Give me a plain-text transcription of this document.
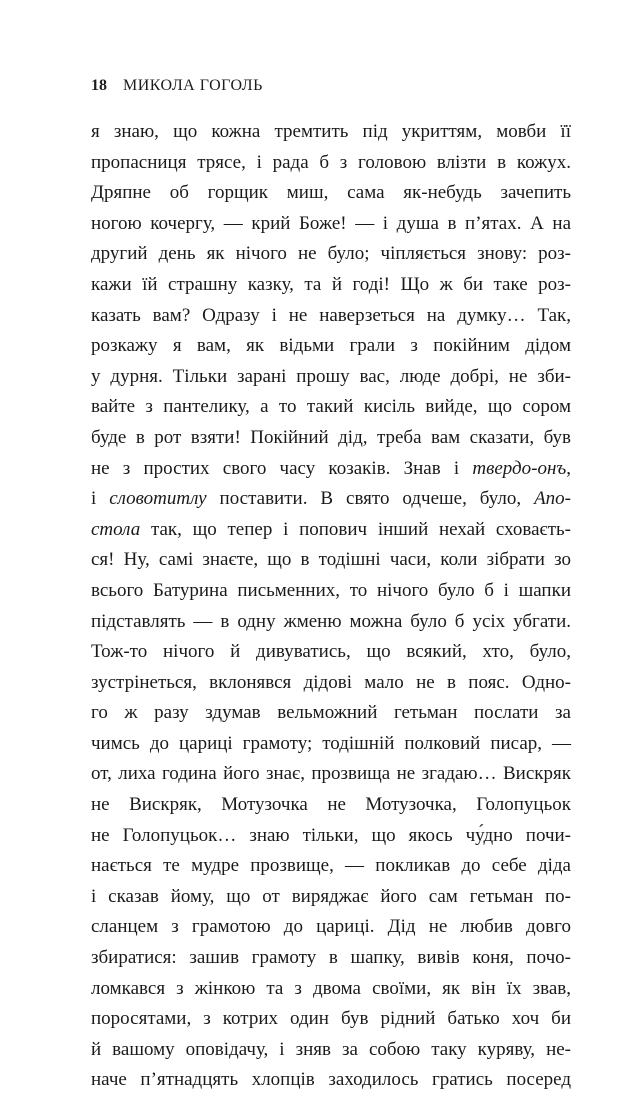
18 МИКОЛА ГОГОЛЬ
я знаю, що кожна тремтить під укриттям, мовби її
пропасниця трясе, і рада б з головою влізти в кожух.
Дряпне об горщик миш, сама як-небудь зачепить
ногою кочергу, — крий Боже! — і душа в п’ятах. А на
другий день як нічого не було; чіпляється знову: роз-
кажи їй страшну казку, та й годі! Що ж би таке роз-
казать вам? Одразу і не наверзеться на думку… Так,
розкажу я вам, як відьми грали з покійним дідом
у дурня. Тільки зарані прошу вас, люде добрі, не зби-
вайте з пантелику, а то такий кисіль вийде, що сором
буде в рот взяти! Покійний дід, треба вам сказати, був
не з простих свого часу козаків. Знав і твердо-онъ,
і словотитлу поставити. В свято одчеше, було, Апо-
стола так, що тепер і попович інший нехай сховаєть-
ся! Ну, самі знаєте, що в тодішні часи, коли зібрати зо
всього Батурина письменних, то нічого було б і шапки
підставлять — в одну жменю можна було б усіх убгати.
Тож-то нічого й дивуватись, що всякий, хто, було,
зустрінеться, вклонявся дідові мало не в пояс. Одно-
го ж разу здумав вельможний гетьман послати за
чимсь до цариці грамоту; тодішній полковий писар, —
от, лиха година його знає, прозвища не згадаю… Вискряк
не Вискряк, Мотузочка не Мотузочка, Голопуцьок
не Голопуцьок… знаю тільки, що якось чу́дно почи-
нається те мудре прозвище, — покликав до себе діда
і сказав йому, що от виряджає його сам гетьман по-
сланцем з грамотою до цариці. Дід не любив довго
збиратися: зашив грамоту в шапку, вивів коня, почо-
ломкався з жінкою та з двома своїми, як він їх звав,
поросятами, з котрих один був рідний батько хоч би
й вашому оповідачу, і зняв за собою таку куряву, не-
наче п’ятнадцять хлопців заходилось гратись посеред
